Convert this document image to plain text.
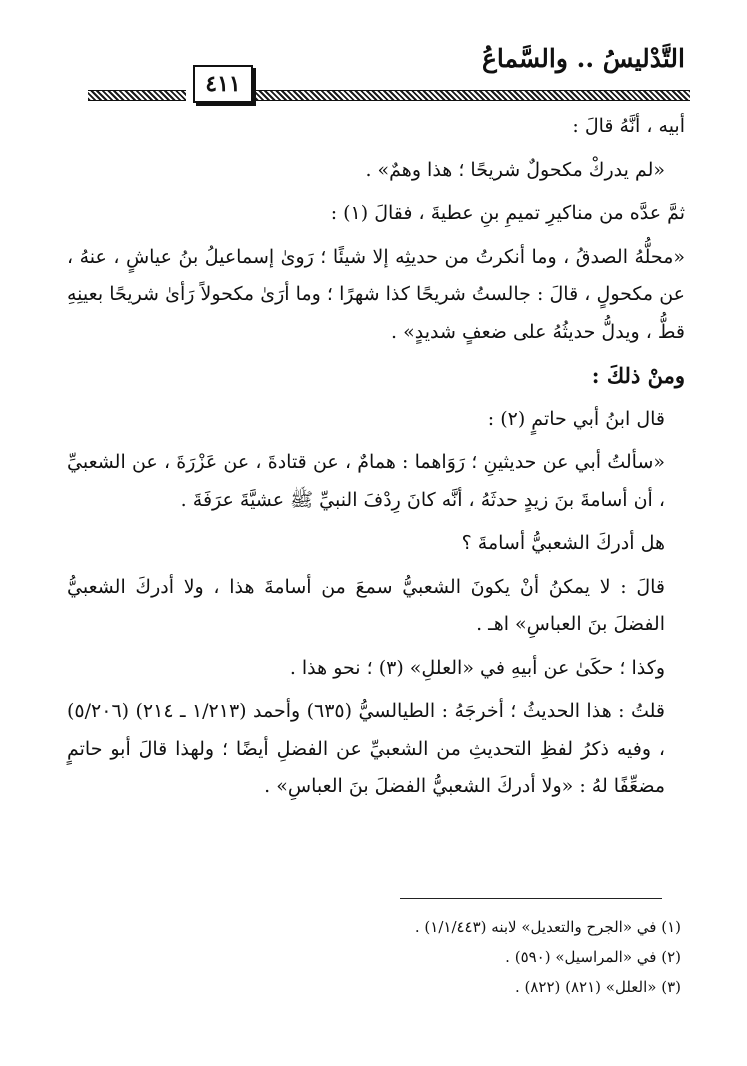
التَّدْليسُ .. والسَّماعُ
٤١١

أبيه ، أنَّهُ قالَ :

«لم يدركْ مكحولٌ شريحًا ؛ هذا وهمٌ» .

ثمَّ عدَّه من مناكيرِ تميمِ بنِ عطيةَ ، فقالَ (١) :

«محلُّهُ الصدقُ ، وما أنكرتُ من حديثِه إلا شيئًا ؛ رَوىٰ إسماعيلُ بنُ عياشٍ ، عنهُ ، عن مكحولٍ ، قالَ : جالستُ شريحًا كذا شهرًا ؛ وما أرَىٰ مكحولاً رَأىٰ شريحًا بعينِهِ قطُّ ، ويدلُّ حديثُهُ على ضعفٍ شديدٍ» .

ومنْ ذلكَ :

قال ابنُ أبي حاتمٍ (٢) :

«سألتُ أبي عن حديثينِ ؛ رَوَاهما : همامٌ ، عن قتادةَ ، عن عَزْرَةَ ، عن الشعبيِّ ، أن أسامةَ بنَ زيدٍ حدثَهُ ، أنَّه كانَ رِدْفَ النبيِّ ﷺ عشيَّةَ عرَفَةَ .

هل أدركَ الشعبيُّ أسامةَ ؟

قالَ : لا يمكنُ أنْ يكونَ الشعبيُّ سمعَ من أسامةَ هذا ، ولا أدركَ الشعبيُّ الفضلَ بنَ العباسِ» اهـ .

وكذا ؛ حكَىٰ عن أبيهِ في «العللِ» (٣) ؛ نحو هذا .

قلتُ : هذا الحديثُ ؛ أخرجَهُ : الطيالسيُّ (٦٣٥) وأحمد (١/٢١٣ ـ ٢١٤) (٥/٢٠٦) ، وفيه ذكرُ لفظِ التحديثِ من الشعبيِّ عن الفضلِ أيضًا ؛ ولهذا قالَ أبو حاتمٍ مضعِّفًا لهُ : «ولا أدركَ الشعبيُّ الفضلَ بنَ العباسِ» .

(١) في «الجرح والتعديل» لابنه (١/١/٤٤٣) .
(٢) في «المراسيل» (٥٩٠) .
(٣) «العلل» (٨٢١) (٨٢٢) .
